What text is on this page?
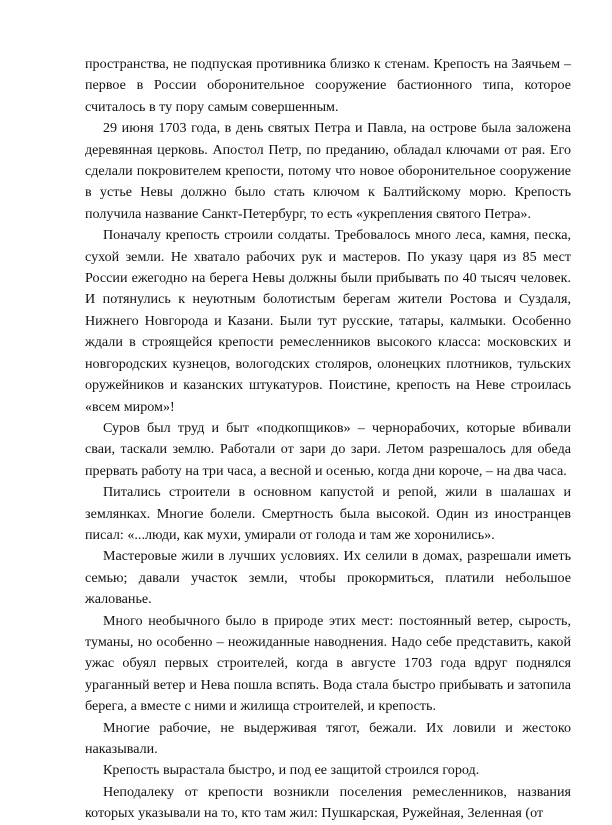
пространства, не подпуская противника близко к стенам. Крепость на Заячьем – первое в России оборонительное сооружение бастионного типа, которое считалось в ту пору самым совершенным.

29 июня 1703 года, в день святых Петра и Павла, на острове была заложена деревянная церковь. Апостол Петр, по преданию, обладал ключами от рая. Его сделали покровителем крепости, потому что новое оборонительное сооружение в устье Невы должно было стать ключом к Балтийскому морю. Крепость получила название Санкт-Петербург, то есть «укрепления святого Петра».

Поначалу крепость строили солдаты. Требовалось много леса, камня, песка, сухой земли. Не хватало рабочих рук и мастеров. По указу царя из 85 мест России ежегодно на берега Невы должны были прибывать по 40 тысяч человек. И потянулись к неуютным болотистым берегам жители Ростова и Суздаля, Нижнего Новгорода и Казани. Были тут русские, татары, калмыки. Особенно ждали в строящейся крепости ремесленников высокого класса: московских и новгородских кузнецов, вологодских столяров, олонецких плотников, тульских оружейников и казанских штукатуров. Поистине, крепость на Неве строилась «всем миром»!

Суров был труд и быт «подкопщиков» – чернорабочих, которые вбивали сваи, таскали землю. Работали от зари до зари. Летом разрешалось для обеда прервать работу на три часа, а весной и осенью, когда дни короче, – на два часа.

Питались строители в основном капустой и репой, жили в шалашах и землянках. Многие болели. Смертность была высокой. Один из иностранцев писал: «...люди, как мухи, умирали от голода и там же хоронились».

Мастеровые жили в лучших условиях. Их селили в домах, разрешали иметь семью; давали участок земли, чтобы прокормиться, платили небольшое жалованье.

Много необычного было в природе этих мест: постоянный ветер, сырость, туманы, но особенно – неожиданные наводнения. Надо себе представить, какой ужас обуял первых строителей, когда в августе 1703 года вдруг поднялся ураганный ветер и Нева пошла вспять. Вода стала быстро прибывать и затопила берега, а вместе с ними и жилища строителей, и крепость.

Многие рабочие, не выдерживая тягот, бежали. Их ловили и жестоко наказывали.

Крепость вырастала быстро, и под ее защитой строился город.

Неподалеку от крепости возникли поселения ремесленников, названия которых указывали на то, кто там жил: Пушкарская, Ружейная, Зеленная (от
